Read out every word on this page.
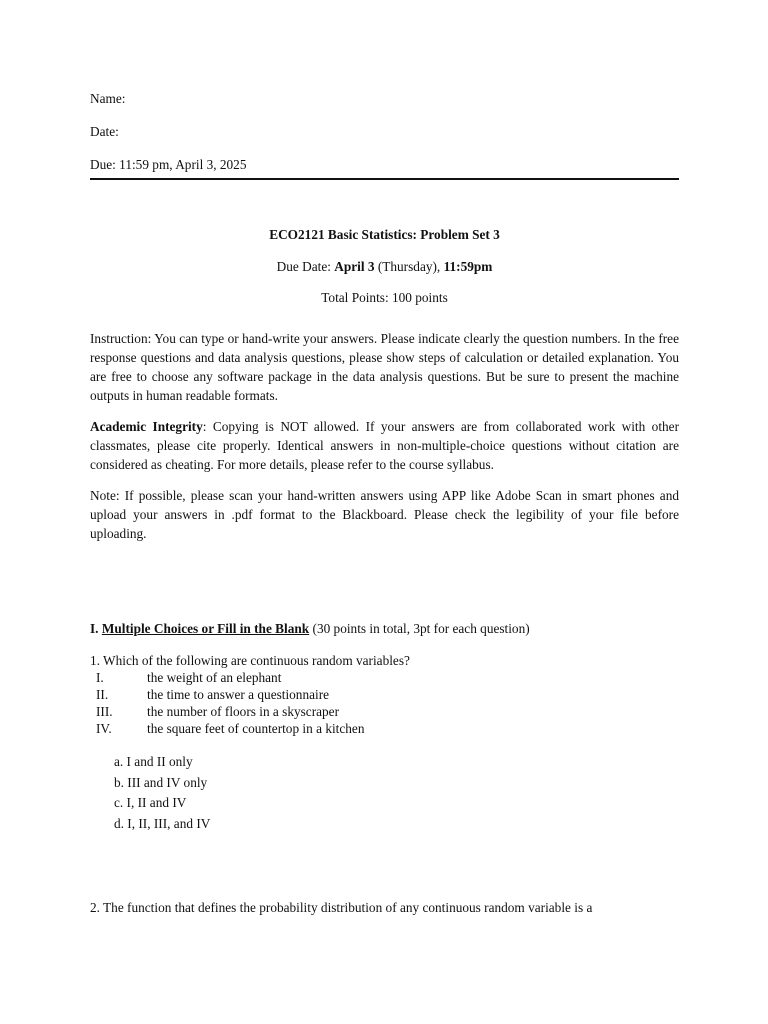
Name:

Date:

Due: 11:59 pm, April 3, 2025

ECO2121 Basic Statistics: Problem Set 3

Due Date: April 3 (Thursday), 11:59pm

Total Points: 100 points

Instruction: You can type or hand-write your answers. Please indicate clearly the question numbers. In the free response questions and data analysis questions, please show steps of calculation or detailed explanation. You are free to choose any software package in the data analysis questions. But be sure to present the machine outputs in human readable formats.

Academic Integrity: Copying is NOT allowed. If your answers are from collaborated work with other classmates, please cite properly. Identical answers in non-multiple-choice questions without citation are considered as cheating. For more details, please refer to the course syllabus.

Note: If possible, please scan your hand-written answers using APP like Adobe Scan in smart phones and upload your answers in .pdf format to the Blackboard. Please check the legibility of your file before uploading.

I. Multiple Choices or Fill in the Blank (30 points in total, 3pt for each question)

1. Which of the following are continuous random variables?

I.	the weight of an elephant
II.	the time to answer a questionnaire
III.	the number of floors in a skyscraper
IV.	the square feet of countertop in a kitchen
a. I and II only
b. III and IV only
c. I, II and IV
d. I, II, III, and IV

2. The function that defines the probability distribution of any continuous random variable is a
